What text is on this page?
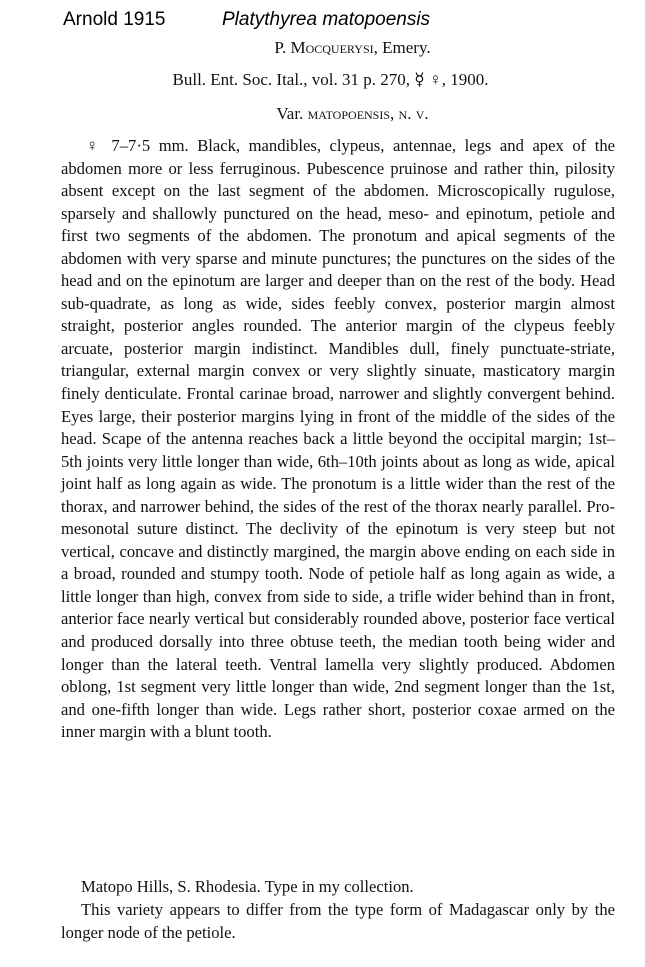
Arnold 1915	Platythyrea matopoensis
P. Mocquerysi, Emery.
Bull. Ent. Soc. Ital., vol. 31 p. 270, ☿ ♀, 1900.
Var. matopoensis, n. v.

♀ 7–7·5 mm. Black, mandibles, clypeus, antennae, legs and apex of the abdomen more or less ferruginous. Pubescence pruinose and rather thin, pilosity absent except on the last segment of the abdomen. Microscopically rugulose, sparsely and shallowly punctured on the head, meso- and epinotum, petiole and first two segments of the abdomen. The pronotum and apical segments of the abdomen with very sparse and minute punctures; the punctures on the sides of the head and on the epinotum are larger and deeper than on the rest of the body. Head sub-quadrate, as long as wide, sides feebly convex, posterior margin almost straight, posterior angles rounded. The anterior margin of the clypeus feebly arcuate, posterior margin indistinct. Mandibles dull, finely punctuate-striate, triangular, external margin convex or very slightly sinuate, masticatory margin finely denticulate. Frontal carinae broad, narrower and slightly convergent behind. Eyes large, their posterior margins lying in front of the middle of the sides of the head. Scape of the antenna reaches back a little beyond the occipital margin; 1st–5th joints very little longer than wide, 6th–10th joints about as long as wide, apical joint half as long again as wide. The pronotum is a little wider than the rest of the thorax, and narrower behind, the sides of the rest of the thorax nearly parallel. Pro-mesonotal suture distinct. The declivity of the epinotum is very steep but not vertical, concave and distinctly margined, the margin above ending on each side in a broad, rounded and stumpy tooth. Node of petiole half as long again as wide, a little longer than high, convex from side to side, a trifle wider behind than in front, anterior face nearly vertical but considerably rounded above, posterior face vertical and produced dorsally into three obtuse teeth, the median tooth being wider and longer than the lateral teeth. Ventral lamella very slightly produced. Abdomen oblong, 1st segment very little longer than wide, 2nd segment longer than the 1st, and one-fifth longer than wide. Legs rather short, posterior coxae armed on the inner margin with a blunt tooth.

Matopo Hills, S. Rhodesia. Type in my collection.
This variety appears to differ from the type form of Madagascar only by the longer node of the petiole.
